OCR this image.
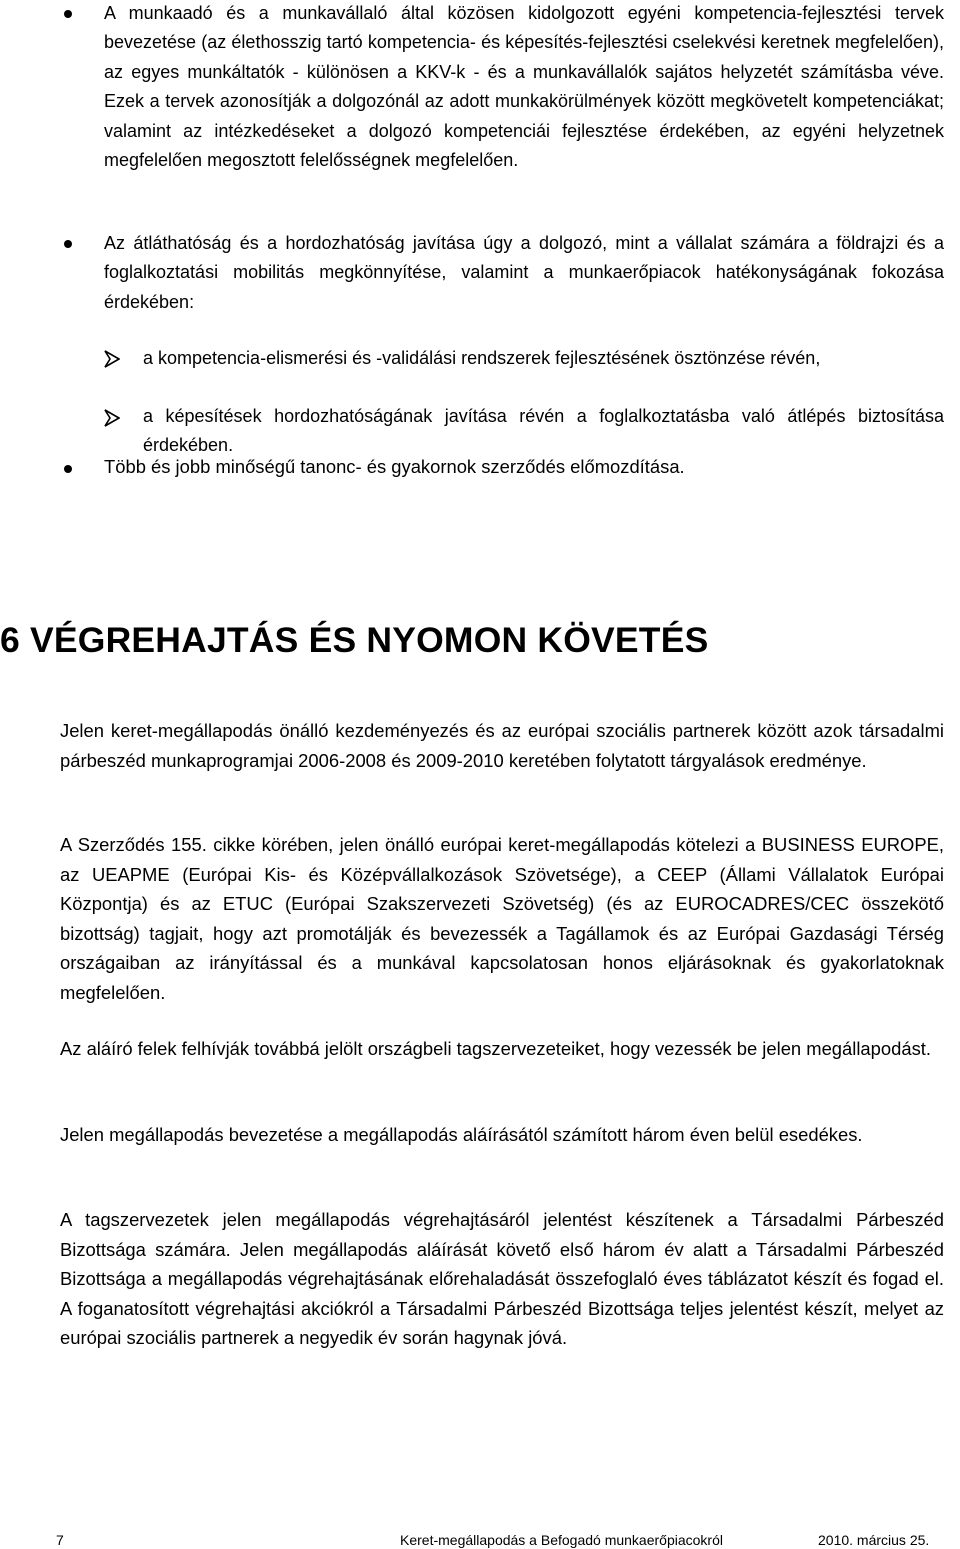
A munkaadó és a munkavállaló által közösen kidolgozott egyéni kompetencia-fejlesztési tervek bevezetése (az élethosszig tartó kompetencia- és képesítés-fejlesztési cselekvési keretnek megfelelően), az egyes munkáltatók - különösen a KKV-k - és a munkavállalók sajátos helyzetét számításba véve. Ezek a tervek azonosítják a dolgozónál az adott munkakörülmények között megkövetelt kompetenciákat; valamint az intézkedéseket a dolgozó kompetenciái fejlesztése érdekében, az egyéni helyzetnek megfelelően megosztott felelősségnek megfelelően.
Az átláthatóság és a hordozhatóság javítása úgy a dolgozó, mint a vállalat számára a földrajzi és a foglalkoztatási mobilitás megkönnyítése, valamint a munkaerőpiacok hatékonyságának fokozása érdekében:
a kompetencia-elismerési és -validálási rendszerek fejlesztésének ösztönzése révén,
a képesítések hordozhatóságának javítása révén a foglalkoztatásba való átlépés biztosítása érdekében.
Több és jobb minőségű tanonc- és gyakornok szerződés előmozdítása.
6 VÉGREHAJTÁS ÉS NYOMON KÖVETÉS
Jelen keret-megállapodás önálló kezdeményezés és az európai szociális partnerek között azok társadalmi párbeszéd munkaprogramjai 2006-2008 és 2009-2010 keretében folytatott tárgyalások eredménye.
A Szerződés 155. cikke körében, jelen önálló európai keret-megállapodás kötelezi a BUSINESS EUROPE, az UEAPME (Európai Kis- és Középvállalkozások Szövetsége), a CEEP (Állami Vállalatok Európai Központja) és az ETUC (Európai Szakszervezeti Szövetség) (és az EUROCADRES/CEC összekötő bizottság) tagjait, hogy azt promotálják és bevezessék a Tagállamok és az Európai Gazdasági Térség országaiban az irányítással és a munkával kapcsolatosan honos eljárásoknak és gyakorlatoknak megfelelően.
Az aláíró felek felhívják továbbá jelölt országbeli tagszervezeteiket, hogy vezessék be jelen megállapodást.
Jelen megállapodás bevezetése a megállapodás aláírásától számított három éven belül esedékes.
A tagszervezetek jelen megállapodás végrehajtásáról jelentést készítenek a Társadalmi Párbeszéd Bizottsága számára. Jelen megállapodás aláírását követő első három év alatt a Társadalmi Párbeszéd Bizottsága a megállapodás végrehajtásának előrehaladását összefoglaló éves táblázatot készít és fogad el. A foganatosított végrehajtási akciókról a Társadalmi Párbeszéd Bizottsága teljes jelentést készít, melyet az európai szociális partnerek a negyedik év során hagynak jóvá.
7	Keret-megállapodás a Befogadó munkaerőpiacokról	2010. március 25.
